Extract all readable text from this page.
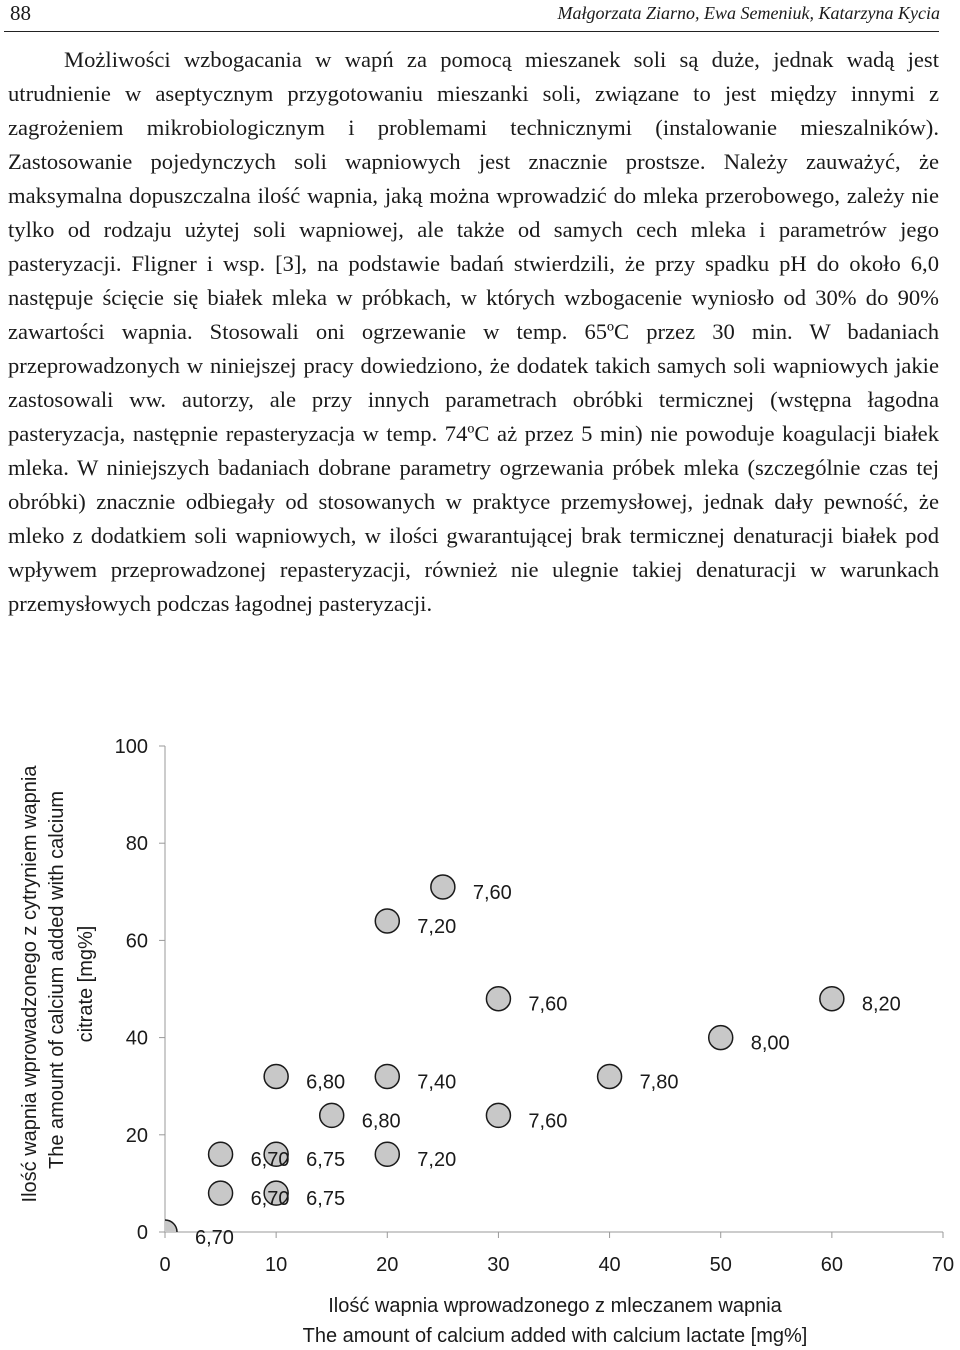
88	Małgorzata Ziarno, Ewa Semeniuk, Katarzyna Kycia

Możliwości wzbogacania w wapń za pomocą mieszanek soli są duże, jednak wadą jest utrudnienie w aseptycznym przygotowaniu mieszanki soli, związane to jest między innymi z zagrożeniem mikrobiologicznym i problemami technicznymi (instalowanie mieszalników). Zastosowanie pojedynczych soli wapniowych jest znacznie prostsze. Należy zauważyć, że maksymalna dopuszczalna ilość wapnia, jaką można wprowadzić do mleka przerobowego, zależy nie tylko od rodzaju użytej soli wapniowej, ale także od samych cech mleka i parametrów jego pasteryzacji. Fligner i wsp. [3], na podstawie badań stwierdzili, że przy spadku pH do około 6,0 następuje ścięcie się białek mleka w próbkach, w których wzbogacenie wyniosło od 30% do 90% zawartości wapnia. Stosowali oni ogrzewanie w temp. 65ºC przez 30 min. W badaniach przeprowadzonych w niniejszej pracy dowiedziono, że dodatek takich samych soli wapniowych jakie zastosowali ww. autorzy, ale przy innych parametrach obróbki termicznej (wstępna łagodna pasteryzacja, następnie repasteryzacja w temp. 74ºC aż przez 5 min) nie powoduje koagulacji białek mleka. W niniejszych badaniach dobrane parametry ogrzewania próbek mleka (szczególnie czas tej obróbki) znacznie odbiegały od stosowanych w praktyce przemysłowej, jednak dały pewność, że mleko z dodatkiem soli wapniowych, w ilości gwarantującej brak termicznej denaturacji białek pod wpływem przeprowadzonej repasteryzacji, również nie ulegnie takiej denaturacji w warunkach przemysłowych podczas łagodnej pasteryzacji.

0
20
40
60
80
100
0	10	20	30	40	50	60	70
6,70
6,70
6,70
6,75
6,75
6,80
6,80
7,20
7,40
7,20
7,60
7,60
7,60
7,80
8,00
8,20
Ilość wapnia wprowadzonego z mleczanem wapnia
The amount of calcium added with calcium lactate [mg%]
Ilość wapnia wprowadzonego z cytryniem wapnia The amount of calcium added with calcium citrate [mg%]
